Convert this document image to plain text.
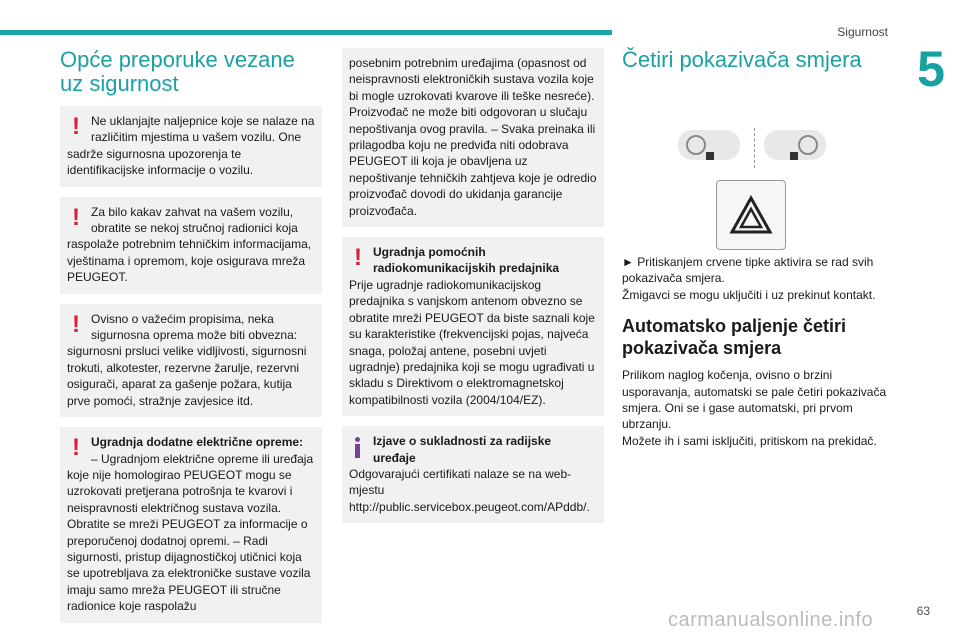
Sigurnost
5
Opće preporuke vezane uz sigurnost
! Ne uklanjajte naljepnice koje se nalaze na različitim mjestima u vašem vozilu. One sadrže sigurnosna upozorenja te identifikacijske informacije o vozilu.
! Za bilo kakav zahvat na vašem vozilu, obratite se nekoj stručnoj radionici koja raspolaže potrebnim tehničkim informacijama, vještinama i opremom, koje osigurava mreža PEUGEOT.
! Ovisno o važećim propisima, neka sigurnosna oprema može biti obvezna: sigurnosni prsluci velike vidljivosti, sigurnosni trokuti, alkotester, rezervne žarulje, rezervni osigurači, aparat za gašenje požara, kutija prve pomoći, stražnje zavjesice itd.
! Ugradnja dodatne električne opreme:
– Ugradnjom električne opreme ili uređaja koje nije homologirao PEUGEOT mogu se uzrokovati pretjerana potrošnja te kvarovi i neispravnosti električnog sustava vozila. Obratite se mreži PEUGEOT za informacije o preporučenoj dodatnoj opremi. – Radi sigurnosti, pristup dijagnostičkoj utičnici koja se upotrebljava za elektroničke sustave vozila imaju samo mreža PEUGEOT ili stručne radionice koje raspolažu
posebnim potrebnim uređajima (opasnost od neispravnosti elektroničkih sustava vozila koje bi mogle uzrokovati kvarove ili teške nesreće). Proizvođač ne može biti odgovoran u slučaju nepoštivanja ovog pravila. – Svaka preinaka ili prilagodba koju ne predviđa niti odobrava PEUGEOT ili koja je obavljena uz nepoštivanje tehničkih zahtjeva koje je odredio proizvođač dovodi do ukidanja garancije proizvođača.
! Ugradnja pomoćnih radiokomunikacijskih predajnika
Prije ugradnje radiokomunikacijskog predajnika s vanjskom antenom obvezno se obratite mreži PEUGEOT da biste saznali koje su karakteristike (frekvencijski pojas, najveća snaga, položaj antene, posebni uvjeti ugradnje) predajnika koji se mogu ugrađivati u skladu s Direktivom o elektromagnetskoj kompatibilnosti vozila (2004/104/EZ).
Izjave o sukladnosti za radijske uređaje
Odgovarajući certifikati nalaze se na web-mjestu http://public.servicebox.peugeot.com/APddb/.
Četiri pokazivača smjera

► Pritiskanjem crvene tipke aktivira se rad svih pokazivača smjera.

Žmigavci se mogu uključiti i uz prekinut kontakt.

Automatsko paljenje četiri pokazivača smjera

Prilikom naglog kočenja, ovisno o brzini usporavanja, automatski se pale četiri pokazivača smjera. Oni se i gase automatski, pri prvom ubrzanju.

Možete ih i sami isključiti, pritiskom na prekidač.

63
carmanualsonline.info
